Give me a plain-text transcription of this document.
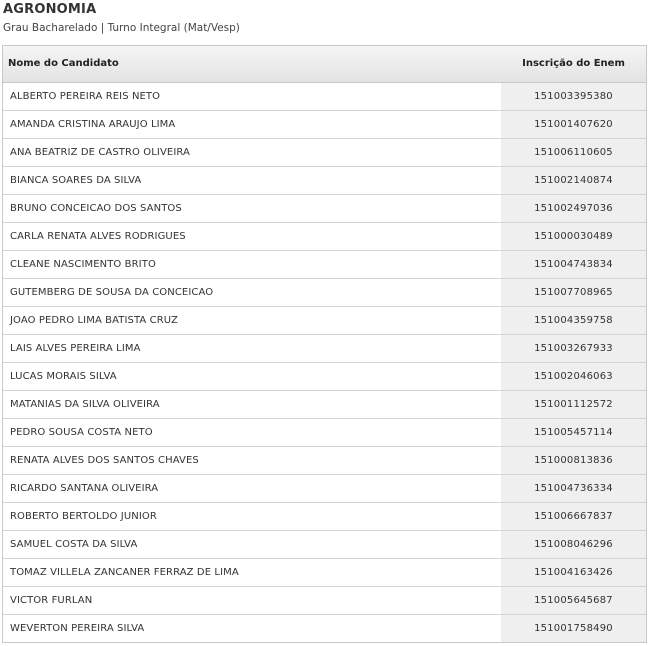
AGRONOMIA
Grau Bacharelado | Turno Integral (Mat/Vesp)
Nome do Candidato	Inscrição do Enem
ALBERTO PEREIRA REIS NETO	151003395380
AMANDA CRISTINA ARAUJO LIMA	151001407620
ANA BEATRIZ DE CASTRO OLIVEIRA	151006110605
BIANCA SOARES DA SILVA	151002140874
BRUNO CONCEICAO DOS SANTOS	151002497036
CARLA RENATA ALVES RODRIGUES	151000030489
CLEANE NASCIMENTO BRITO	151004743834
GUTEMBERG DE SOUSA DA CONCEICAO	151007708965
JOAO PEDRO LIMA BATISTA CRUZ	151004359758
LAIS ALVES PEREIRA LIMA	151003267933
LUCAS MORAIS SILVA	151002046063
MATANIAS DA SILVA OLIVEIRA	151001112572
PEDRO SOUSA COSTA NETO	151005457114
RENATA ALVES DOS SANTOS CHAVES	151000813836
RICARDO SANTANA OLIVEIRA	151004736334
ROBERTO BERTOLDO JUNIOR	151006667837
SAMUEL COSTA DA SILVA	151008046296
TOMAZ VILLELA ZANCANER FERRAZ DE LIMA	151004163426
VICTOR FURLAN	151005645687
WEVERTON PEREIRA SILVA	151001758490
